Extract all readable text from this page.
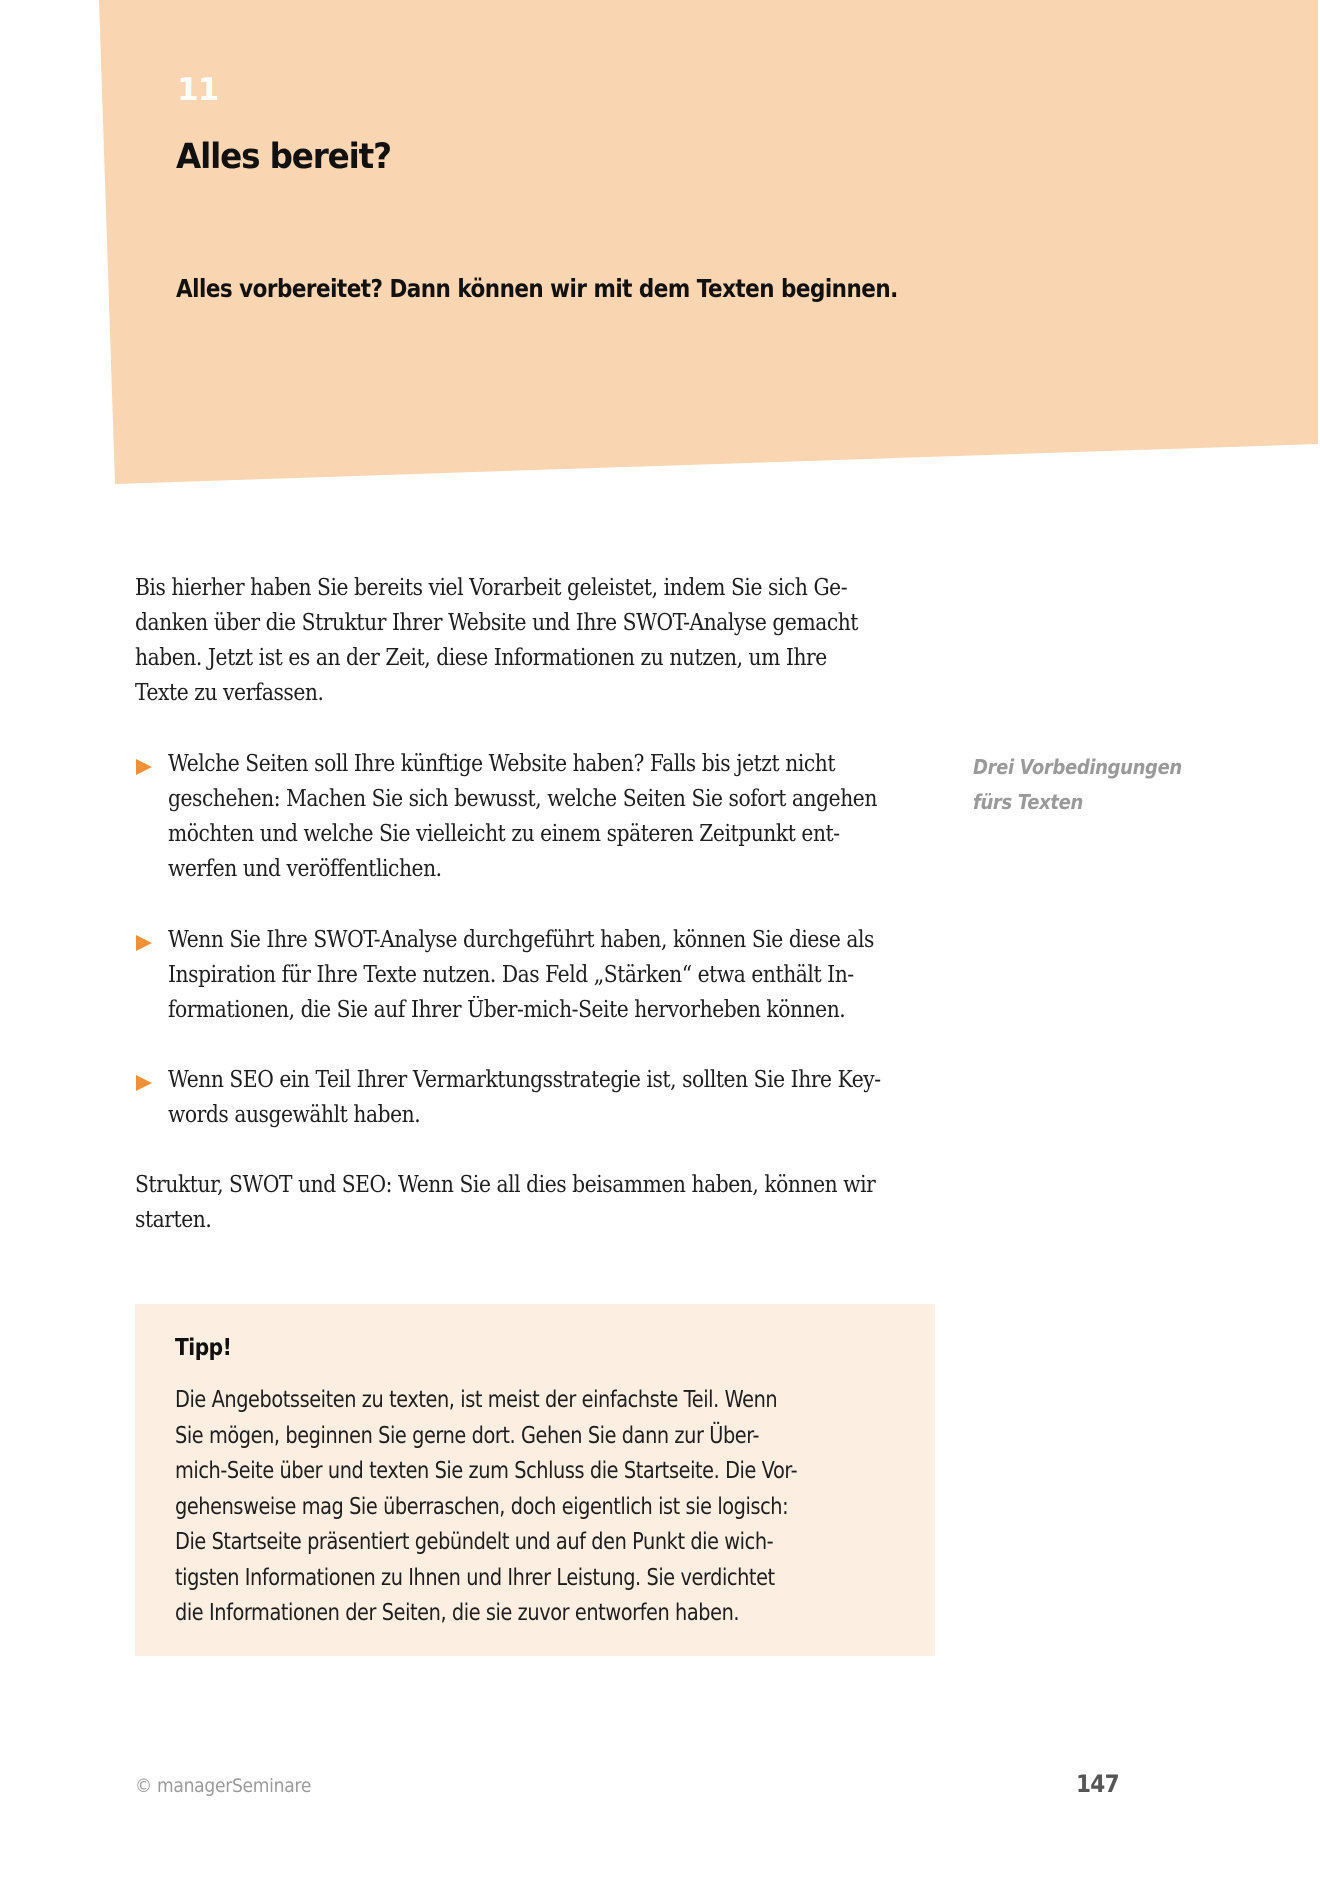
11
Alles bereit?
Alles vorbereitet? Dann können wir mit dem Texten beginnen.

Bis hierher haben Sie bereits viel Vorarbeit geleistet, indem Sie sich Ge-
danken über die Struktur Ihrer Website und Ihre SWOT-Analyse gemacht
haben. Jetzt ist es an der Zeit, diese Informationen zu nutzen, um Ihre
Texte zu verfassen.

Welche Seiten soll Ihre künftige Website haben? Falls bis jetzt nicht
geschehen: Machen Sie sich bewusst, welche Seiten Sie sofort angehen
möchten und welche Sie vielleicht zu einem späteren Zeitpunkt ent-
werfen und veröffentlichen.
Wenn Sie Ihre SWOT-Analyse durchgeführt haben, können Sie diese als
Inspiration für Ihre Texte nutzen. Das Feld „Stärken“ etwa enthält In-
formationen, die Sie auf Ihrer Über-mich-Seite hervorheben können.
Wenn SEO ein Teil Ihrer Vermarktungsstrategie ist, sollten Sie Ihre Key-
words ausgewählt haben.
Drei Vorbedingungen
fürs Texten

Struktur, SWOT und SEO: Wenn Sie all dies beisammen haben, können wir
starten.

Tipp!
Die Angebotsseiten zu texten, ist meist der einfachste Teil. Wenn
Sie mögen, beginnen Sie gerne dort. Gehen Sie dann zur Über-
mich-Seite über und texten Sie zum Schluss die Startseite. Die Vor-
gehensweise mag Sie überraschen, doch eigentlich ist sie logisch:
Die Startseite präsentiert gebündelt und auf den Punkt die wich-
tigsten Informationen zu Ihnen und Ihrer Leistung. Sie verdichtet
die Informationen der Seiten, die sie zuvor entworfen haben.
© managerSeminare	147
